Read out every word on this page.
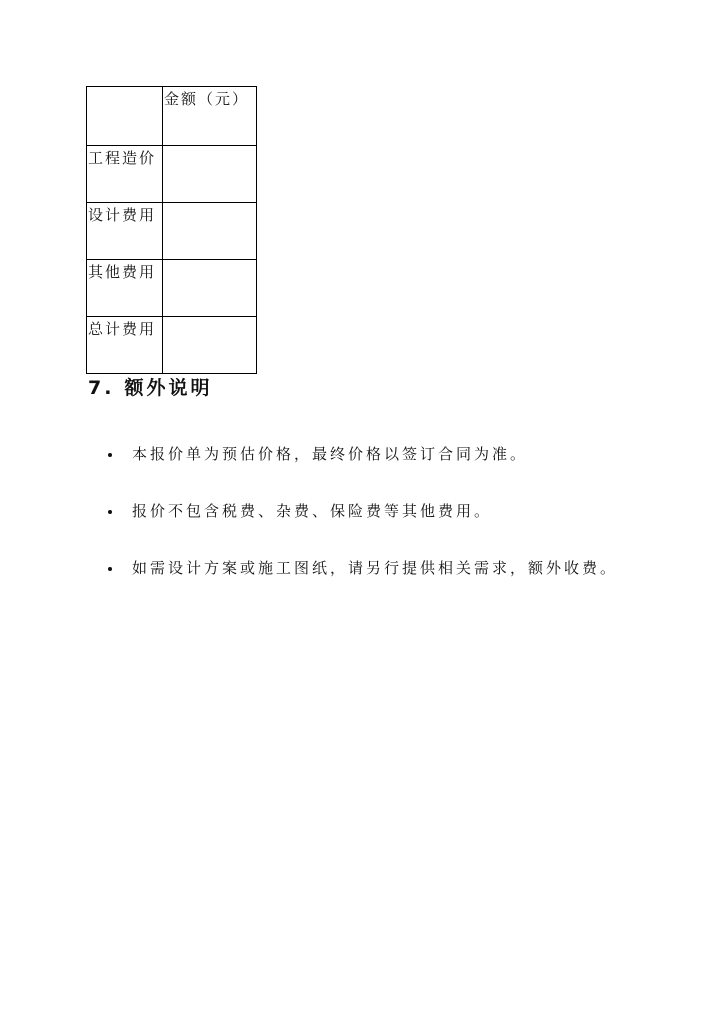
	金额（元）
工程造价	
设计费用	
其他费用	
总计费用	
7. 额外说明
本报价单为预估价格，最终价格以签订合同为准。
报价不包含税费、杂费、保险费等其他费用。
如需设计方案或施工图纸，请另行提供相关需求，额外收费。
